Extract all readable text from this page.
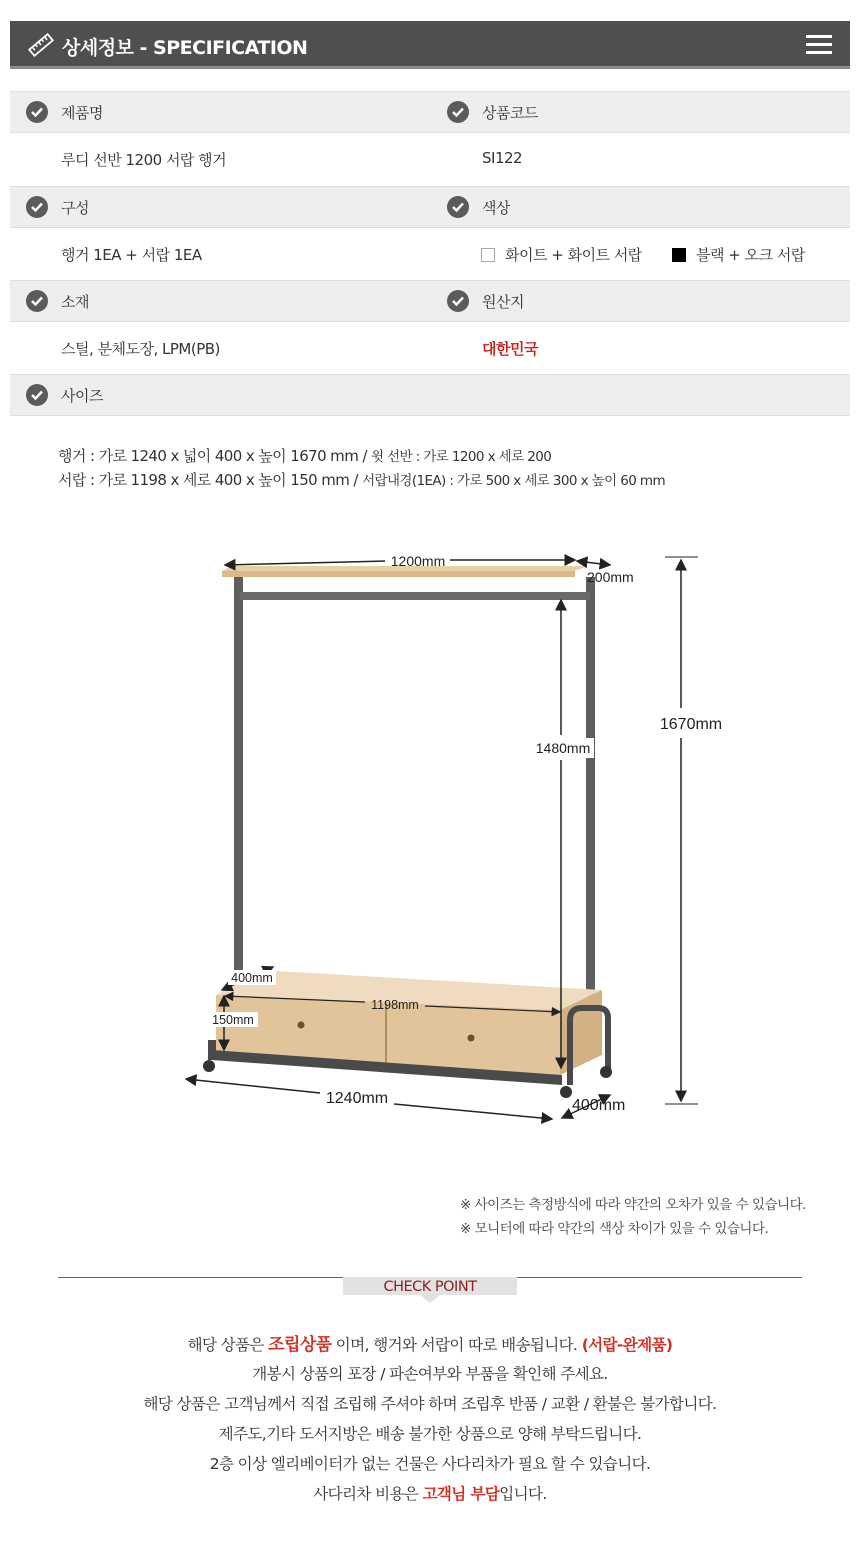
상세정보 - SPECIFICATION
제품명	상품코드
루디 선반 1200 서랍 행거	SI122
구성	색상
행거 1EA + 서랍 1EA	화이트 + 화이트 서랍	블랙 + 오크 서랍
소재	원산지
스틸, 분체도장, LPM(PB)	대한민국
사이즈
행거 : 가로 1240 x 넓이 400 x 높이 1670 mm / 윗 선반 : 가로 1200 x 세로 200
서랍 : 가로 1198 x 세로 400 x 높이 150 mm / 서랍내경(1EA) : 가로 500 x 세로 300 x 높이 60 mm
1200mm
200mm
1670mm
1480mm
400mm
1198mm
150mm
1240mm	400mm
※ 사이즈는 측정방식에 따라 약간의 오차가 있을 수 있습니다.
※ 모니터에 따라 약간의 색상 차이가 있을 수 있습니다.
CHECK POINT
해당 상품은 조립상품 이며, 행거와 서랍이 따로 배송됩니다. (서랍-완제품)
개봉시 상품의 포장 / 파손여부와 부품을 확인해 주세요.
해당 상품은 고객님께서 직접 조립해 주셔야 하며 조립후 반품 / 교환 / 환불은 불가합니다.
제주도,기타 도서지방은 배송 불가한 상품으로 양해 부탁드립니다.
2층 이상 엘리베이터가 없는 건물은 사다리차가 필요 할 수 있습니다.
사다리차 비용은 고객님 부담입니다.
